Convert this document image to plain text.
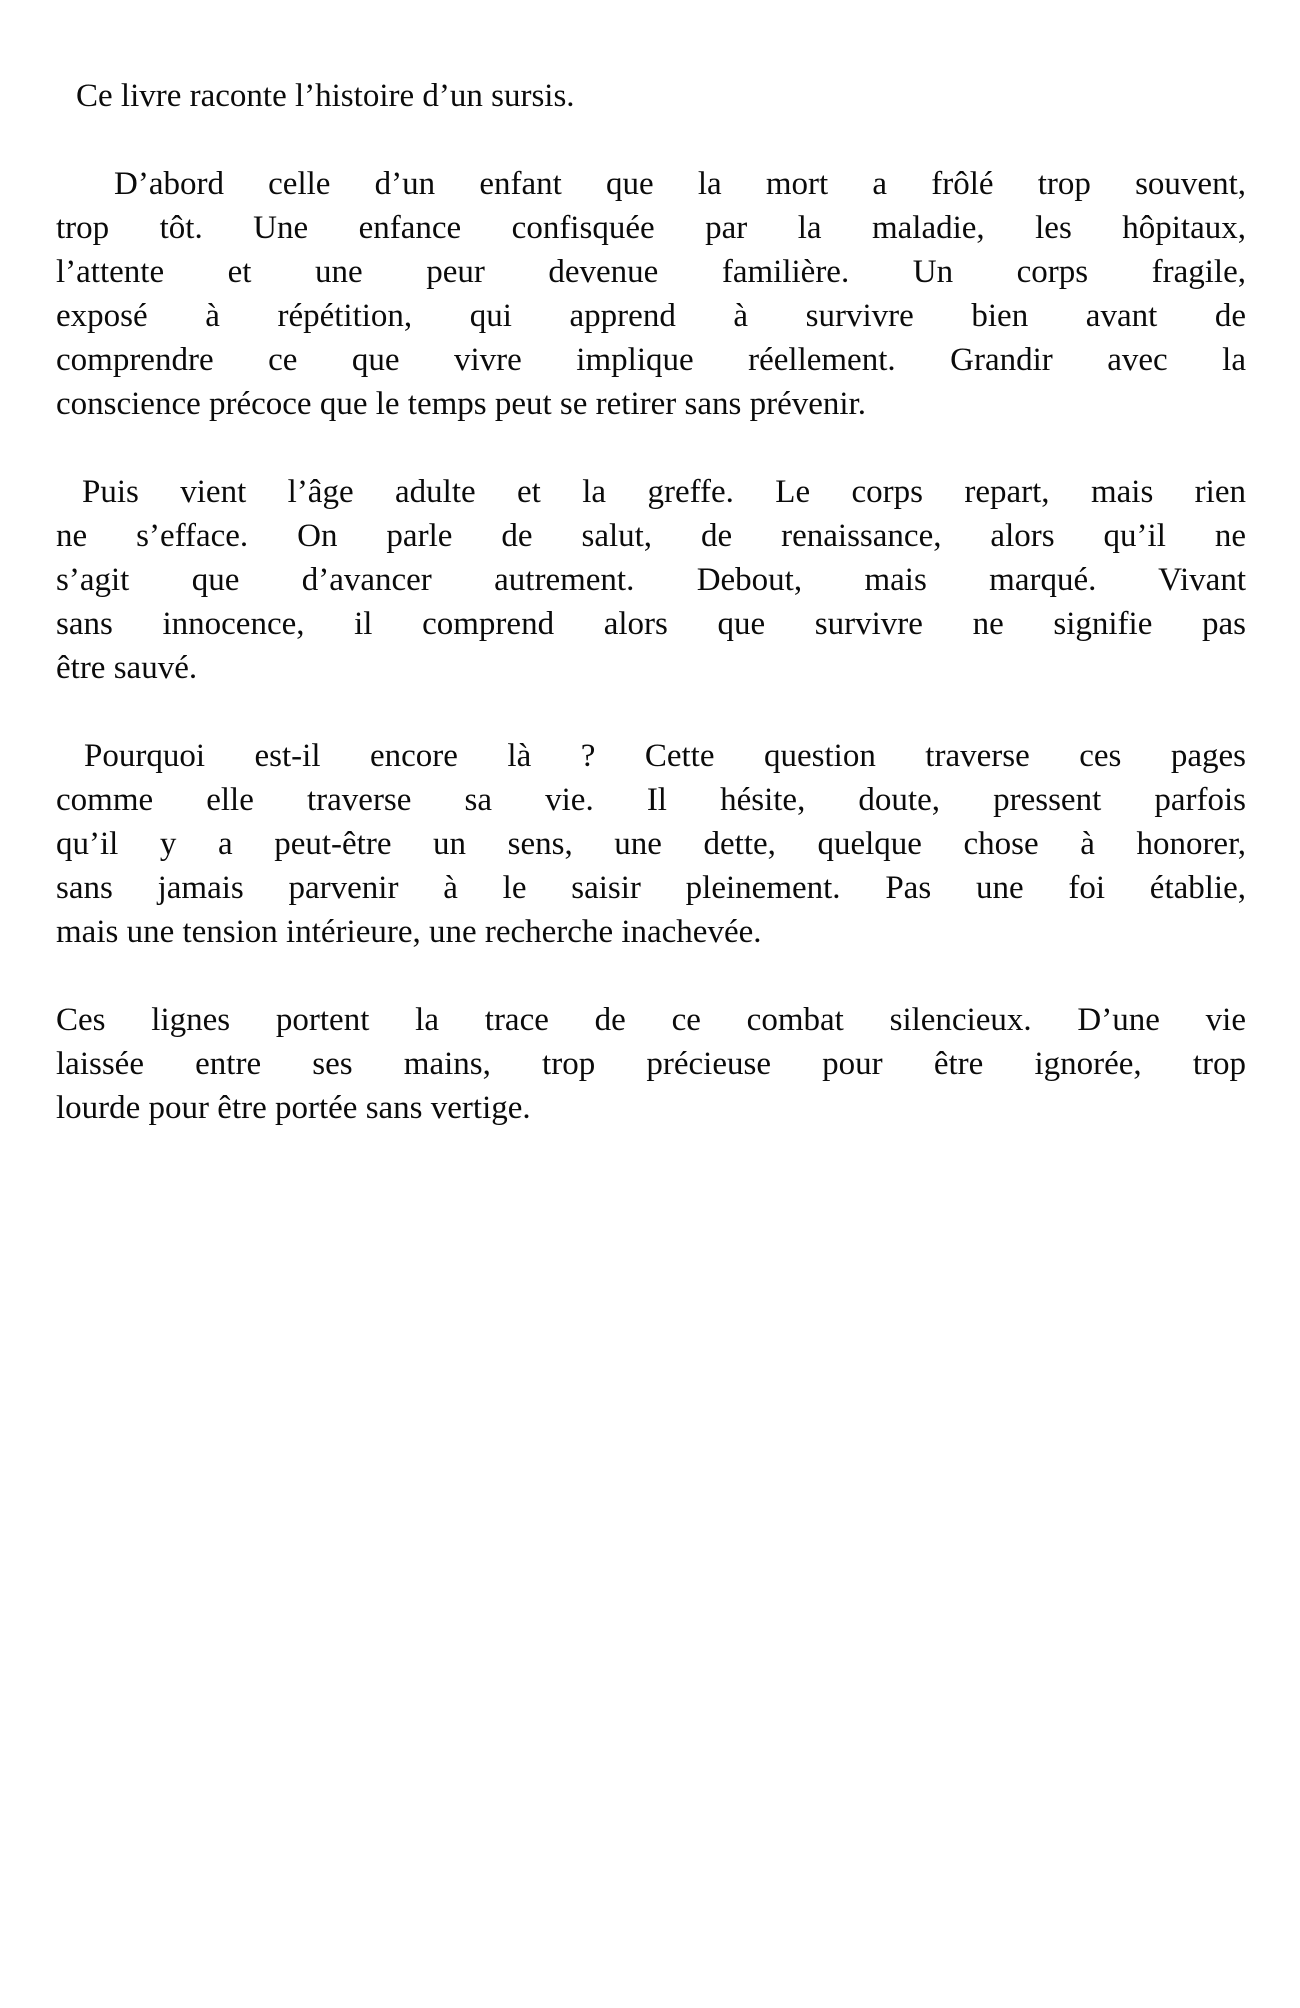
Ce livre raconte l’histoire d’un sursis.

D’abord celle d’un enfant que la mort a frôlé trop souvent,
trop tôt. Une enfance confisquée par la maladie, les hôpitaux,
l’attente et une peur devenue familière. Un corps fragile,
exposé à répétition, qui apprend à survivre bien avant de
comprendre ce que vivre implique réellement. Grandir avec la
conscience précoce que le temps peut se retirer sans prévenir.

Puis vient l’âge adulte et la greffe. Le corps repart, mais rien
ne s’efface. On parle de salut, de renaissance, alors qu’il ne
s’agit que d’avancer autrement. Debout, mais marqué. Vivant
sans innocence, il comprend alors que survivre ne signifie pas
être sauvé.

Pourquoi est-il encore là ? Cette question traverse ces pages
comme elle traverse sa vie. Il hésite, doute, pressent parfois
qu’il y a peut-être un sens, une dette, quelque chose à honorer,
sans jamais parvenir à le saisir pleinement. Pas une foi établie,
mais une tension intérieure, une recherche inachevée.

Ces lignes portent la trace de ce combat silencieux. D’une vie
laissée entre ses mains, trop précieuse pour être ignorée, trop
lourde pour être portée sans vertige.
